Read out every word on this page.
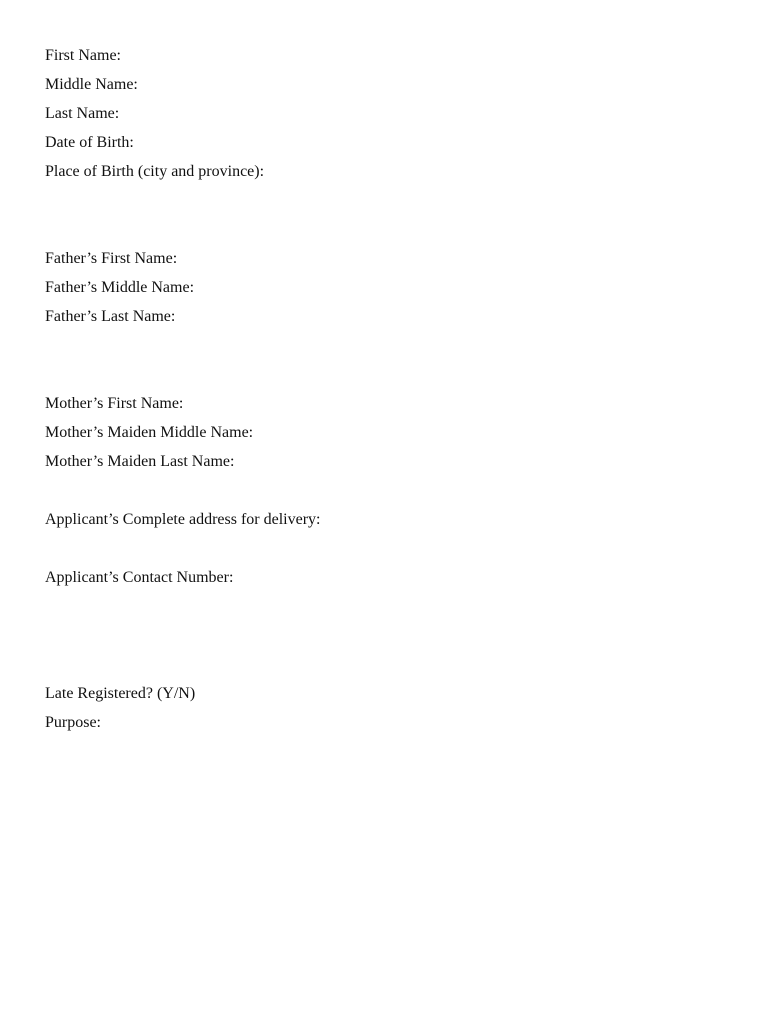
First Name:
Middle Name:
Last Name:
Date of Birth:
Place of Birth (city and province):
Father’s First Name:
Father’s Middle Name:
Father’s Last Name:
Mother’s First Name:
Mother’s Maiden Middle Name:
Mother’s Maiden Last Name:
Applicant’s Complete address for delivery:
Applicant’s Contact Number:
Late Registered? (Y/N)
Purpose:
